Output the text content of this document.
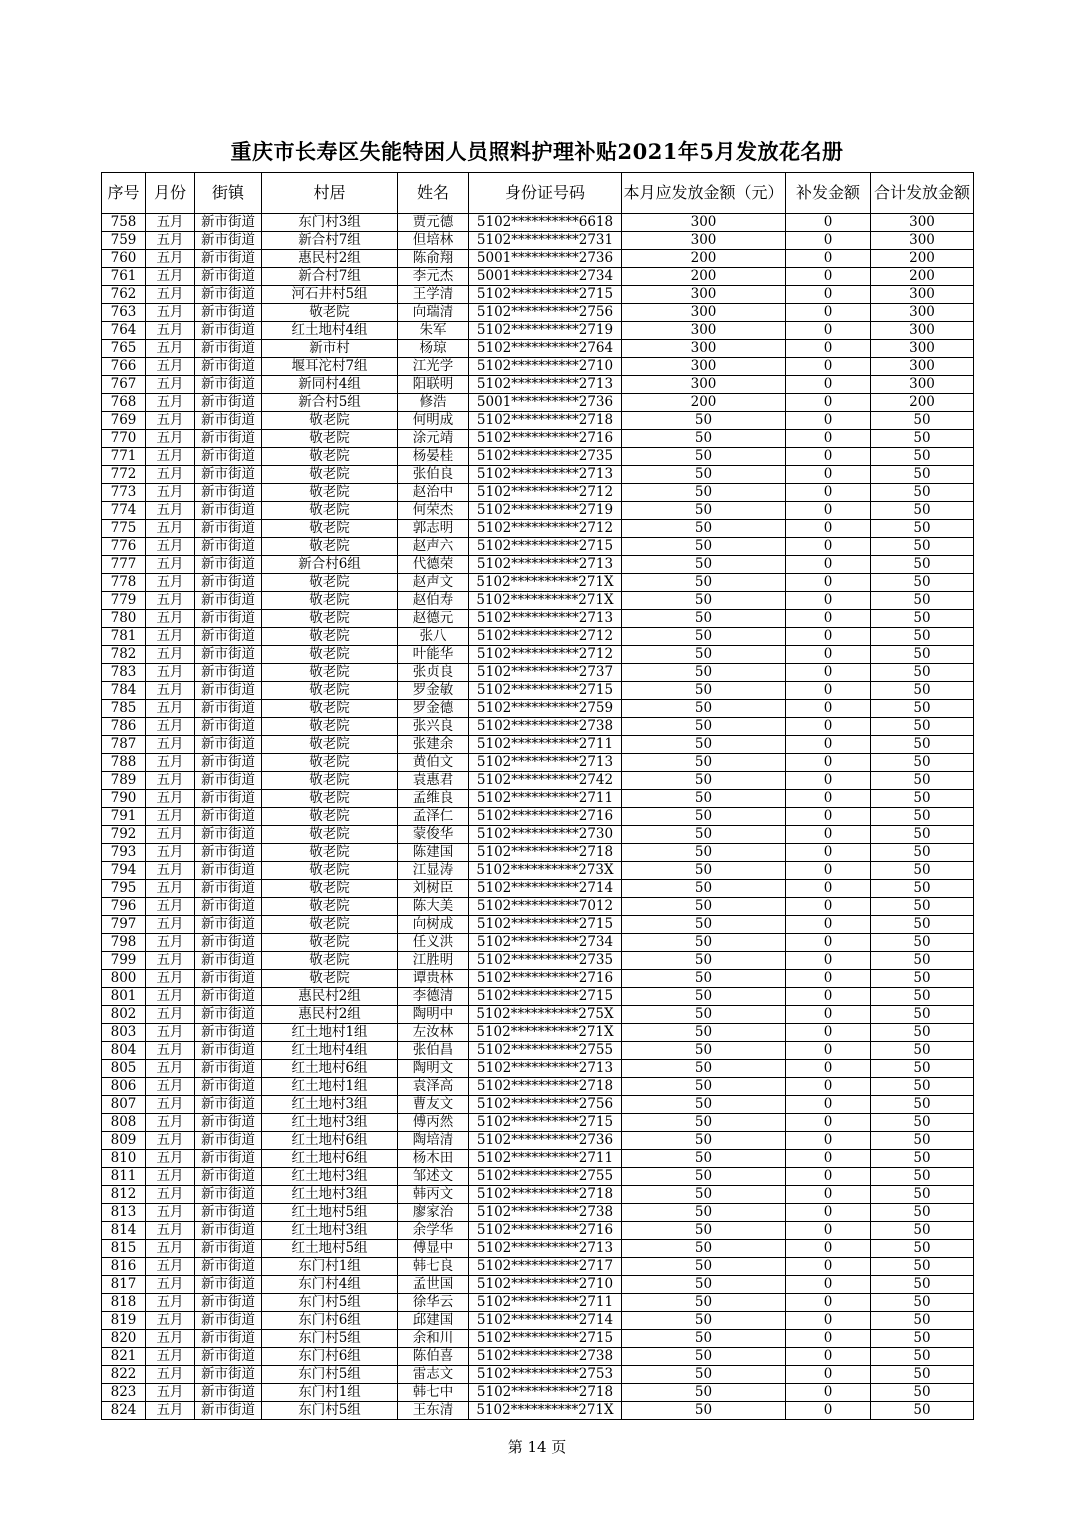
重庆市长寿区失能特困人员照料护理补贴2021年5月发放花名册
序号	月份	街镇	村居	姓名	身份证号码	本月应发放金额（元）	补发金额	合计发放金额
758	五月	新市街道	东门村3组	贾元德	5102**********6618	300	0	300
759	五月	新市街道	新合村7组	但培林	5102**********2731	300	0	300
760	五月	新市街道	惠民村2组	陈俞翔	5001**********2736	200	0	200
761	五月	新市街道	新合村7组	李元杰	5001**********2734	200	0	200
762	五月	新市街道	河石井村5组	王学清	5102**********2715	300	0	300
763	五月	新市街道	敬老院	向瑞清	5102**********2756	300	0	300
764	五月	新市街道	红土地村4组	朱军	5102**********2719	300	0	300
765	五月	新市街道	新市村	杨琼	5102**********2764	300	0	300
766	五月	新市街道	堰耳沱村7组	江光学	5102**********2710	300	0	300
767	五月	新市街道	新同村4组	阳联明	5102**********2713	300	0	300
768	五月	新市街道	新合村5组	修浩	5001**********2736	200	0	200
769	五月	新市街道	敬老院	何明成	5102**********2718	50	0	50
770	五月	新市街道	敬老院	涂元靖	5102**********2716	50	0	50
771	五月	新市街道	敬老院	杨晏桂	5102**********2735	50	0	50
772	五月	新市街道	敬老院	张伯良	5102**********2713	50	0	50
773	五月	新市街道	敬老院	赵治中	5102**********2712	50	0	50
774	五月	新市街道	敬老院	何荣杰	5102**********2719	50	0	50
775	五月	新市街道	敬老院	郭志明	5102**********2712	50	0	50
776	五月	新市街道	敬老院	赵声六	5102**********2715	50	0	50
777	五月	新市街道	新合村6组	代德荣	5102**********2713	50	0	50
778	五月	新市街道	敬老院	赵声文	5102**********271X	50	0	50
779	五月	新市街道	敬老院	赵伯寿	5102**********271X	50	0	50
780	五月	新市街道	敬老院	赵德元	5102**********2713	50	0	50
781	五月	新市街道	敬老院	张八	5102**********2712	50	0	50
782	五月	新市街道	敬老院	叶能华	5102**********2712	50	0	50
783	五月	新市街道	敬老院	张贞良	5102**********2737	50	0	50
784	五月	新市街道	敬老院	罗金敏	5102**********2715	50	0	50
785	五月	新市街道	敬老院	罗金德	5102**********2759	50	0	50
786	五月	新市街道	敬老院	张兴良	5102**********2738	50	0	50
787	五月	新市街道	敬老院	张建余	5102**********2711	50	0	50
788	五月	新市街道	敬老院	黄伯文	5102**********2713	50	0	50
789	五月	新市街道	敬老院	袁惠君	5102**********2742	50	0	50
790	五月	新市街道	敬老院	孟维良	5102**********2711	50	0	50
791	五月	新市街道	敬老院	孟泽仁	5102**********2716	50	0	50
792	五月	新市街道	敬老院	蒙俊华	5102**********2730	50	0	50
793	五月	新市街道	敬老院	陈建国	5102**********2718	50	0	50
794	五月	新市街道	敬老院	江显涛	5102**********273X	50	0	50
795	五月	新市街道	敬老院	刘树臣	5102**********2714	50	0	50
796	五月	新市街道	敬老院	陈大美	5102**********7012	50	0	50
797	五月	新市街道	敬老院	向树成	5102**********2715	50	0	50
798	五月	新市街道	敬老院	任义洪	5102**********2734	50	0	50
799	五月	新市街道	敬老院	江胜明	5102**********2735	50	0	50
800	五月	新市街道	敬老院	谭贵林	5102**********2716	50	0	50
801	五月	新市街道	惠民村2组	李德清	5102**********2715	50	0	50
802	五月	新市街道	惠民村2组	陶明中	5102**********275X	50	0	50
803	五月	新市街道	红土地村1组	左汝林	5102**********271X	50	0	50
804	五月	新市街道	红土地村4组	张伯昌	5102**********2755	50	0	50
805	五月	新市街道	红土地村6组	陶明文	5102**********2713	50	0	50
806	五月	新市街道	红土地村1组	袁泽高	5102**********2718	50	0	50
807	五月	新市街道	红土地村3组	曹友文	5102**********2756	50	0	50
808	五月	新市街道	红土地村3组	傅丙然	5102**********2715	50	0	50
809	五月	新市街道	红土地村6组	陶培清	5102**********2736	50	0	50
810	五月	新市街道	红土地村6组	杨木田	5102**********2711	50	0	50
811	五月	新市街道	红土地村3组	邹述文	5102**********2755	50	0	50
812	五月	新市街道	红土地村3组	韩丙文	5102**********2718	50	0	50
813	五月	新市街道	红土地村5组	廖家治	5102**********2738	50	0	50
814	五月	新市街道	红土地村3组	余学华	5102**********2716	50	0	50
815	五月	新市街道	红土地村5组	傅显中	5102**********2713	50	0	50
816	五月	新市街道	东门村1组	韩七良	5102**********2717	50	0	50
817	五月	新市街道	东门村4组	孟世国	5102**********2710	50	0	50
818	五月	新市街道	东门村5组	徐华云	5102**********2711	50	0	50
819	五月	新市街道	东门村6组	邱建国	5102**********2714	50	0	50
820	五月	新市街道	东门村5组	余和川	5102**********2715	50	0	50
821	五月	新市街道	东门村6组	陈伯喜	5102**********2738	50	0	50
822	五月	新市街道	东门村5组	雷志文	5102**********2753	50	0	50
823	五月	新市街道	东门村1组	韩七中	5102**********2718	50	0	50
824	五月	新市街道	东门村5组	王东清	5102**********271X	50	0	50
第 14 页
